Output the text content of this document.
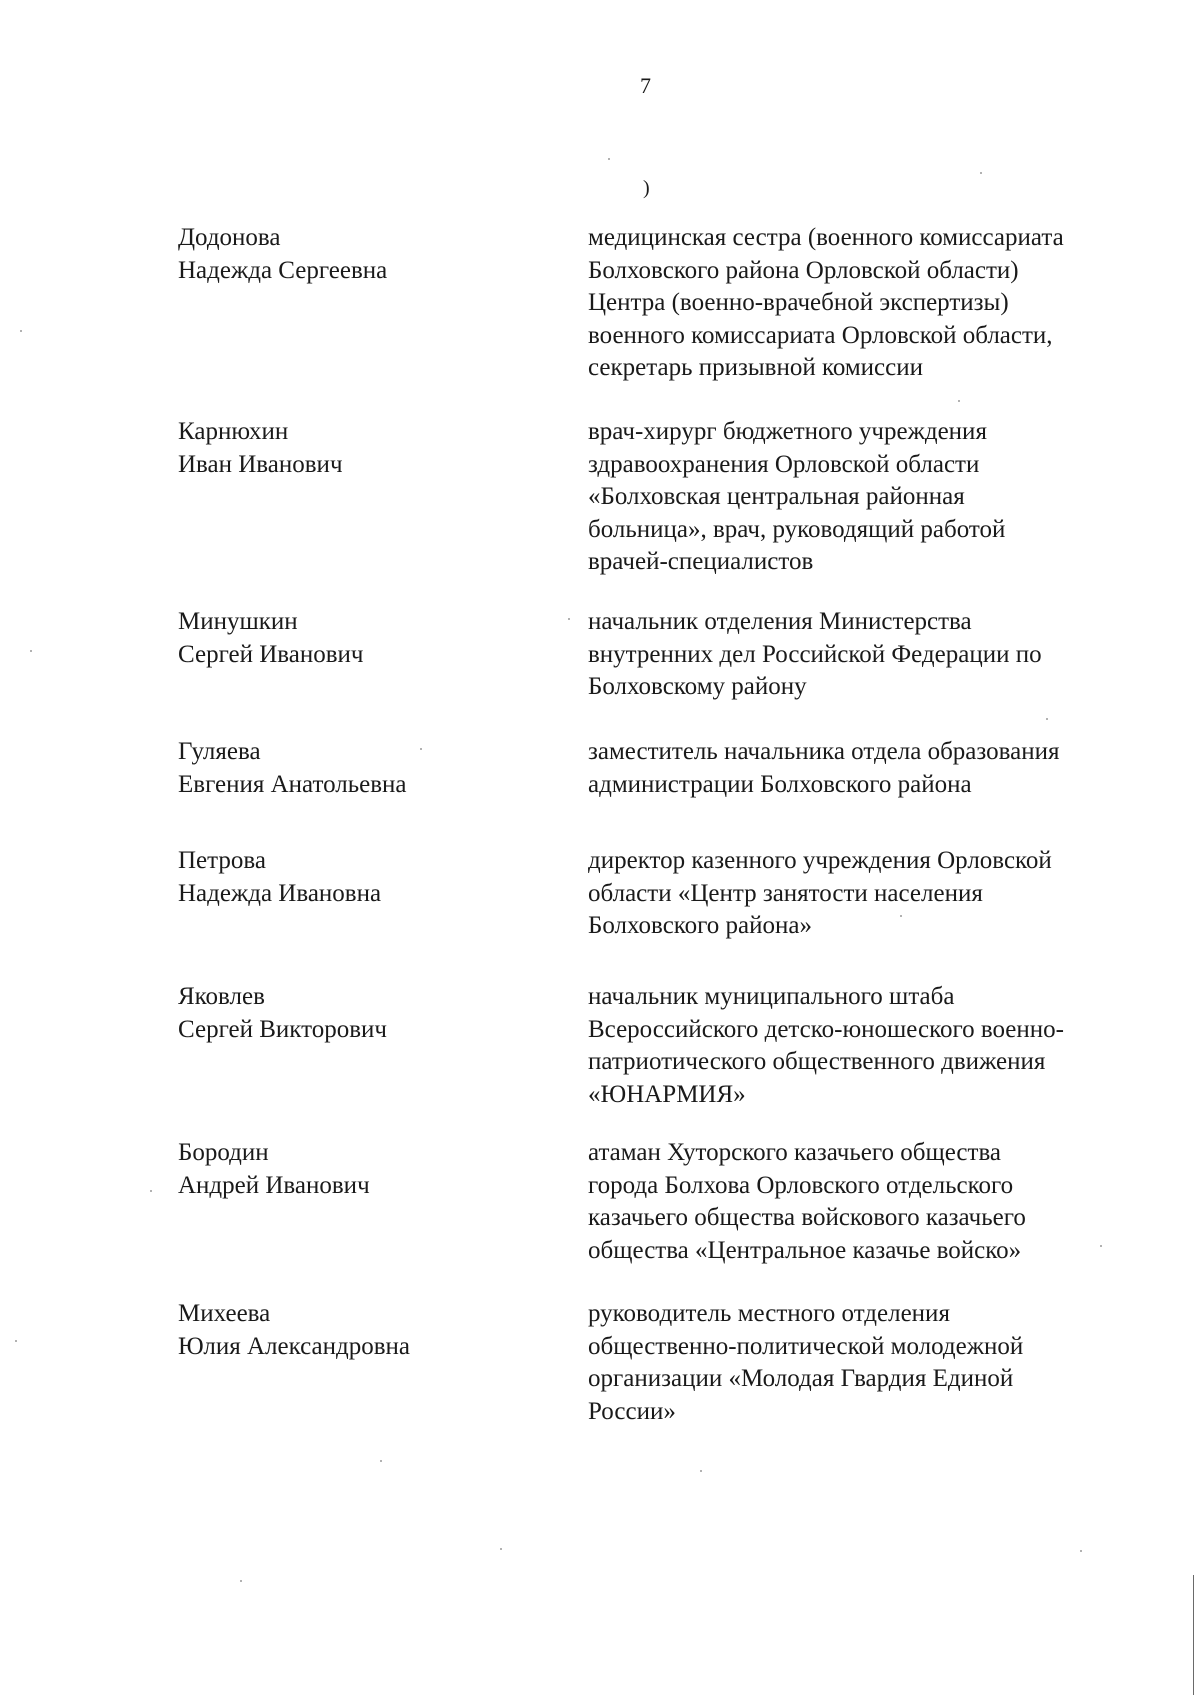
7
)
Додонова
Надежда Сергеевна
медицинская сестра (военного комиссариата
Болховского района Орловской области)
Центра (военно-врачебной экспертизы)
военного комиссариата Орловской области,
секретарь призывной комиссии
Карнюхин
Иван Иванович
врач-хирург бюджетного учреждения
здравоохранения Орловской области
«Болховская центральная районная
больница», врач, руководящий работой
врачей-специалистов
Минушкин
Сергей Иванович
начальник отделения Министерства
внутренних дел Российской Федерации по
Болховскому району
Гуляева
Евгения Анатольевна
заместитель начальника отдела образования
администрации Болховского района
Петрова
Надежда Ивановна
директор казенного учреждения Орловской
области «Центр занятости населения
Болховского района»
Яковлев
Сергей Викторович
начальник муниципального штаба
Всероссийского детско-юношеского военно-
патриотического общественного движения
«ЮНАРМИЯ»
Бородин
Андрей Иванович
атаман Хуторского казачьего общества
города Болхова Орловского отдельского
казачьего общества войскового казачьего
общества «Центральное казачье войско»
Михеева
Юлия Александровна
руководитель местного отделения
общественно-политической молодежной
организации «Молодая Гвардия Единой
России»
